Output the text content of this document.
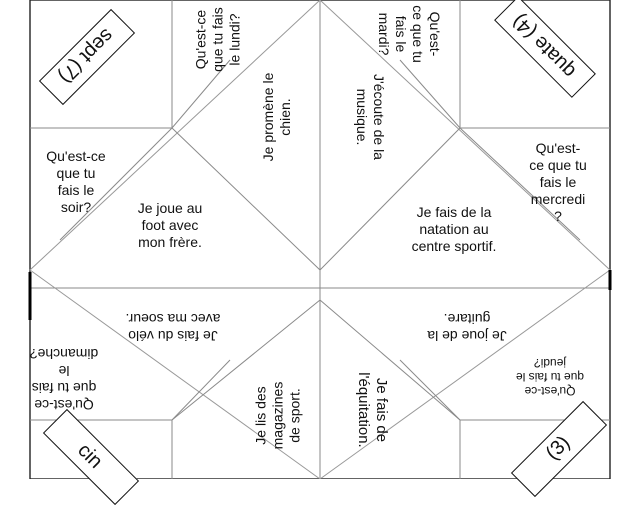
sept (7)	quate (4)
(3)
cin
Qu'est-ce
que tu fais
le lundi?	Qu'est-
ce que tu
fais le
mardi?
Qu'est-
ce que tu
fais le
mercredi
?
Qu'est-ce
que tu
fais le
soir?
Qu'est-ce
que tu fais
le
dimanche?
Qu'est-ce
que tu fais le
jeudi?
Je promène le
chien.	J'écoute de la
musique.
Je joue au
foot avec
mon frère.
Je fais de la
natation au
centre sportif.
Je fais du vélo
avec ma soeur.
Je joue de la
guitare.
Je lis des
magazines
de sport.
Je fais de
l'équitation.
